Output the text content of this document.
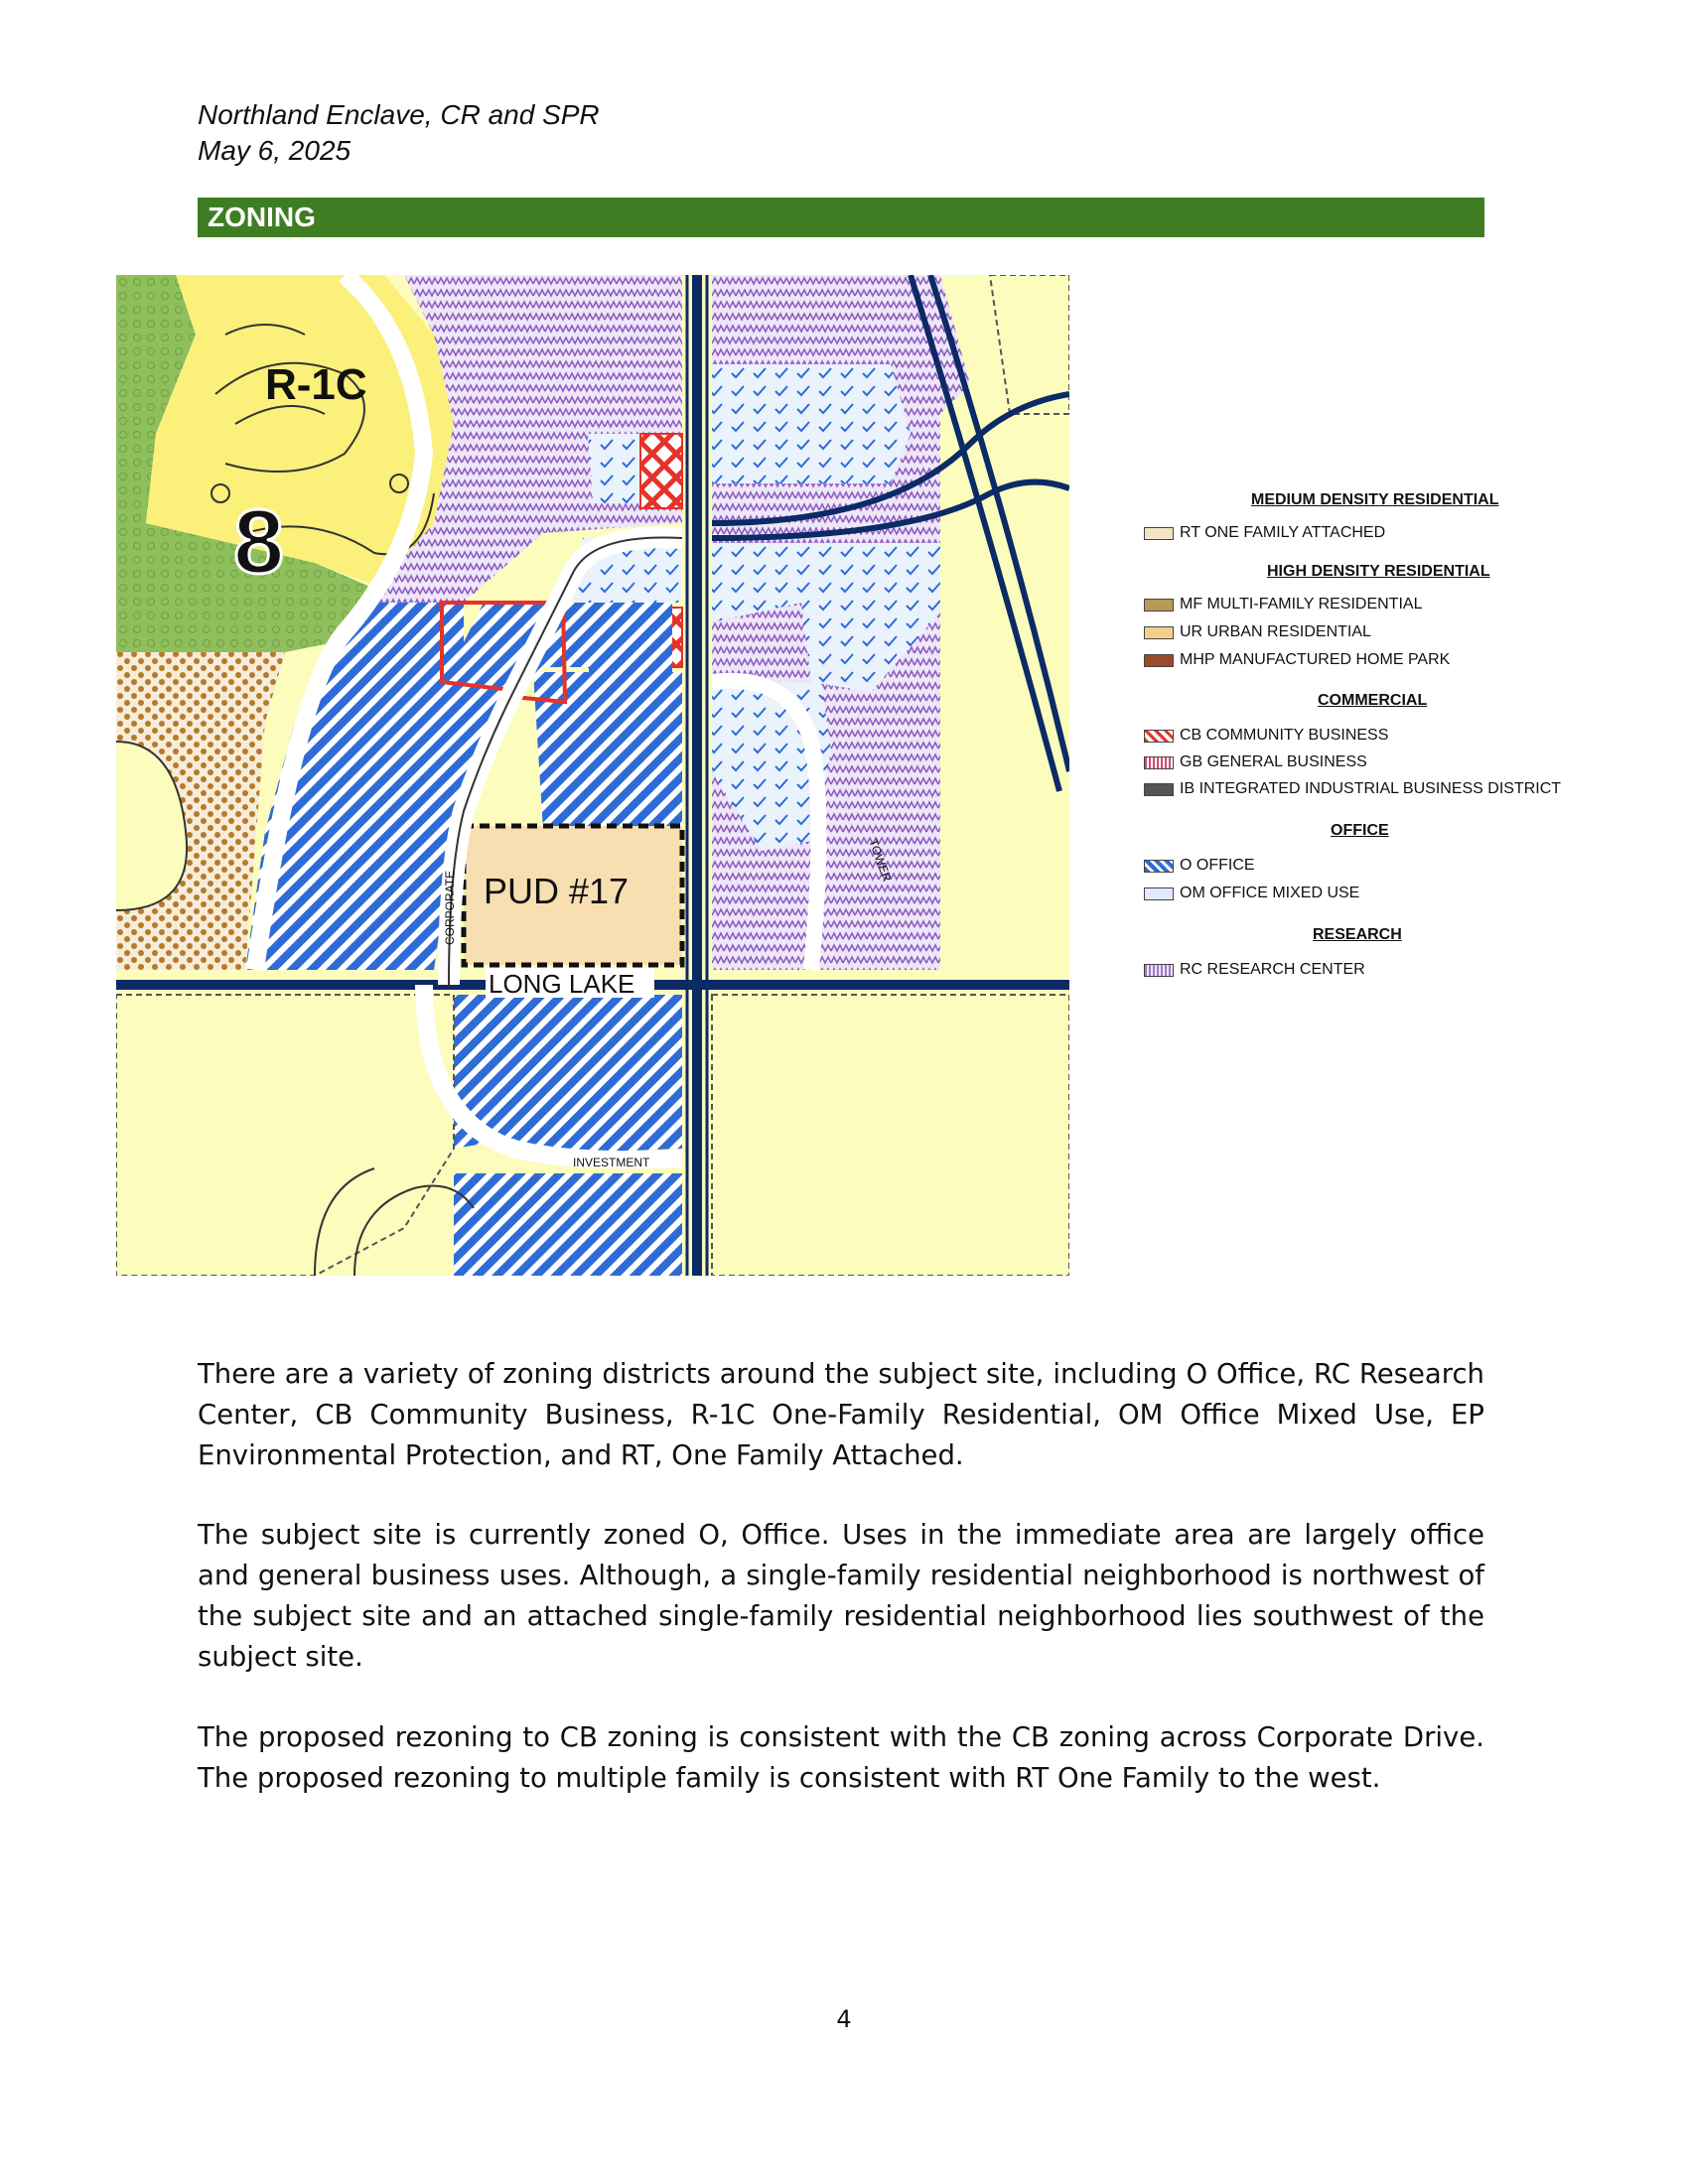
Northland Enclave, CR and SPR
May 6, 2025
ZONING
R-1C
8
PUD #17
LONG LAKE
CORPORATE
INVESTMENT
TOWER
MEDIUM DENSITY RESIDENTIAL
RT ONE FAMILY ATTACHED
HIGH DENSITY RESIDENTIAL
MF MULTI-FAMILY RESIDENTIAL
UR URBAN RESIDENTIAL
MHP MANUFACTURED HOME PARK
COMMERCIAL
CB COMMUNITY BUSINESS
GB GENERAL BUSINESS
IB INTEGRATED INDUSTRIAL BUSINESS DISTRICT
OFFICE
O OFFICE
OM OFFICE MIXED USE
RESEARCH
RC RESEARCH CENTER

There are a variety of zoning districts around the subject site, including O Office, RC Research Center, CB Community Business, R-1C One-Family Residential, OM Office Mixed Use, EP Environmental Protection, and RT, One Family Attached.

The subject site is currently zoned O, Office. Uses in the immediate area are largely office and general business uses. Although, a single-family residential neighborhood is northwest of the subject site and an attached single-family residential neighborhood lies southwest of the subject site.

The proposed rezoning to CB zoning is consistent with the CB zoning across Corporate Drive. The proposed rezoning to multiple family is consistent with RT One Family to the west.

4
